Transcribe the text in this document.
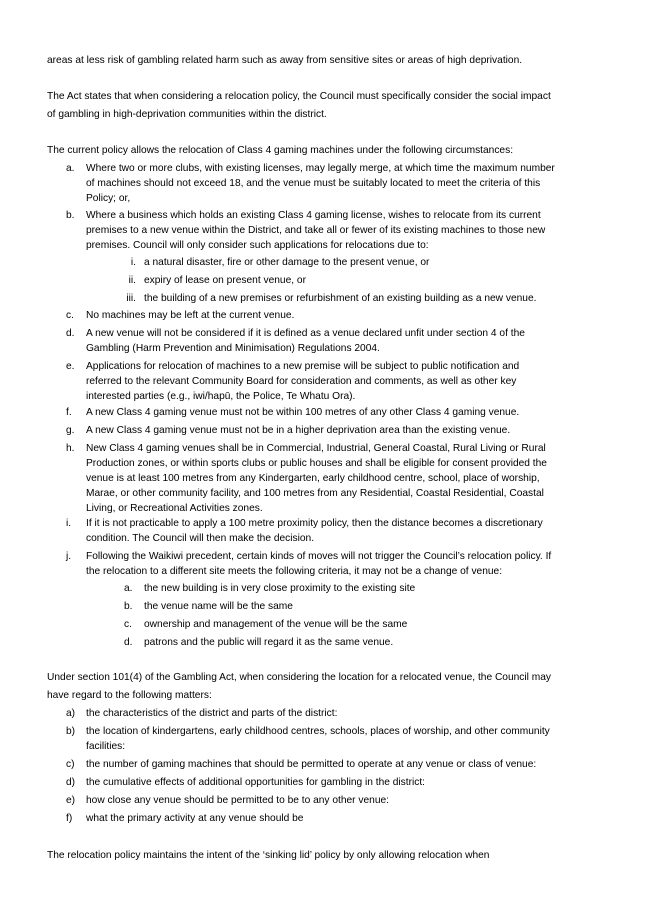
areas at less risk of gambling related harm such as away from sensitive sites or areas of high deprivation.

The Act states that when considering a relocation policy, the Council must specifically consider the social impact

of gambling in high-deprivation communities within the district.

The current policy allows the relocation of Class 4 gaming machines under the following circumstances:

a.	Where two or more clubs, with existing licenses, may legally merge, at which time the maximum number
of machines should not exceed 18, and the venue must be suitably located to meet the criteria of this
Policy; or,
b.	Where a business which holds an existing Class 4 gaming license, wishes to relocate from its current
premises to a new venue within the District, and take all or fewer of its existing machines to those new
premises. Council will only consider such applications for relocations due to:
i. a natural disaster, fire or other damage to the present venue, or
ii. expiry of lease on present venue, or
iii. the building of a new premises or refurbishment of an existing building as a new venue.
c.	No machines may be left at the current venue.
d.	A new venue will not be considered if it is defined as a venue declared unfit under section 4 of the
Gambling (Harm Prevention and Minimisation) Regulations 2004.
e.	Applications for relocation of machines to a new premise will be subject to public notification and
referred to the relevant Community Board for consideration and comments, as well as other key
interested parties (e.g., iwi/hapū, the Police, Te Whatu Ora).
f.	A new Class 4 gaming venue must not be within 100 metres of any other Class 4 gaming venue.
g.	A new Class 4 gaming venue must not be in a higher deprivation area than the existing venue.
h.	New Class 4 gaming venues shall be in Commercial, Industrial, General Coastal, Rural Living or Rural
Production zones, or within sports clubs or public houses and shall be eligible for consent provided the
venue is at least 100 metres from any Kindergarten, early childhood centre, school, place of worship,
Marae, or other community facility, and 100 metres from any Residential, Coastal Residential, Coastal
Living, or Recreational Activities zones.
i.	If it is not practicable to apply a 100 metre proximity policy, then the distance becomes a discretionary
condition. The Council will then make the decision.
j.	Following the Waikiwi precedent, certain kinds of moves will not trigger the Council’s relocation policy. If
the relocation to a different site meets the following criteria, it may not be a change of venue:
a.	the new building is in very close proximity to the existing site
b.	the venue name will be the same
c.	ownership and management of the venue will be the same
d.	patrons and the public will regard it as the same venue.

Under section 101(4) of the Gambling Act, when considering the location for a relocated venue, the Council may

have regard to the following matters:

a)	the characteristics of the district and parts of the district:
b)	the location of kindergartens, early childhood centres, schools, places of worship, and other community
facilities:
c)	the number of gaming machines that should be permitted to operate at any venue or class of venue:
d)	the cumulative effects of additional opportunities for gambling in the district:
e)	how close any venue should be permitted to be to any other venue:
f)	what the primary activity at any venue should be

The relocation policy maintains the intent of the ‘sinking lid’ policy by only allowing relocation when
